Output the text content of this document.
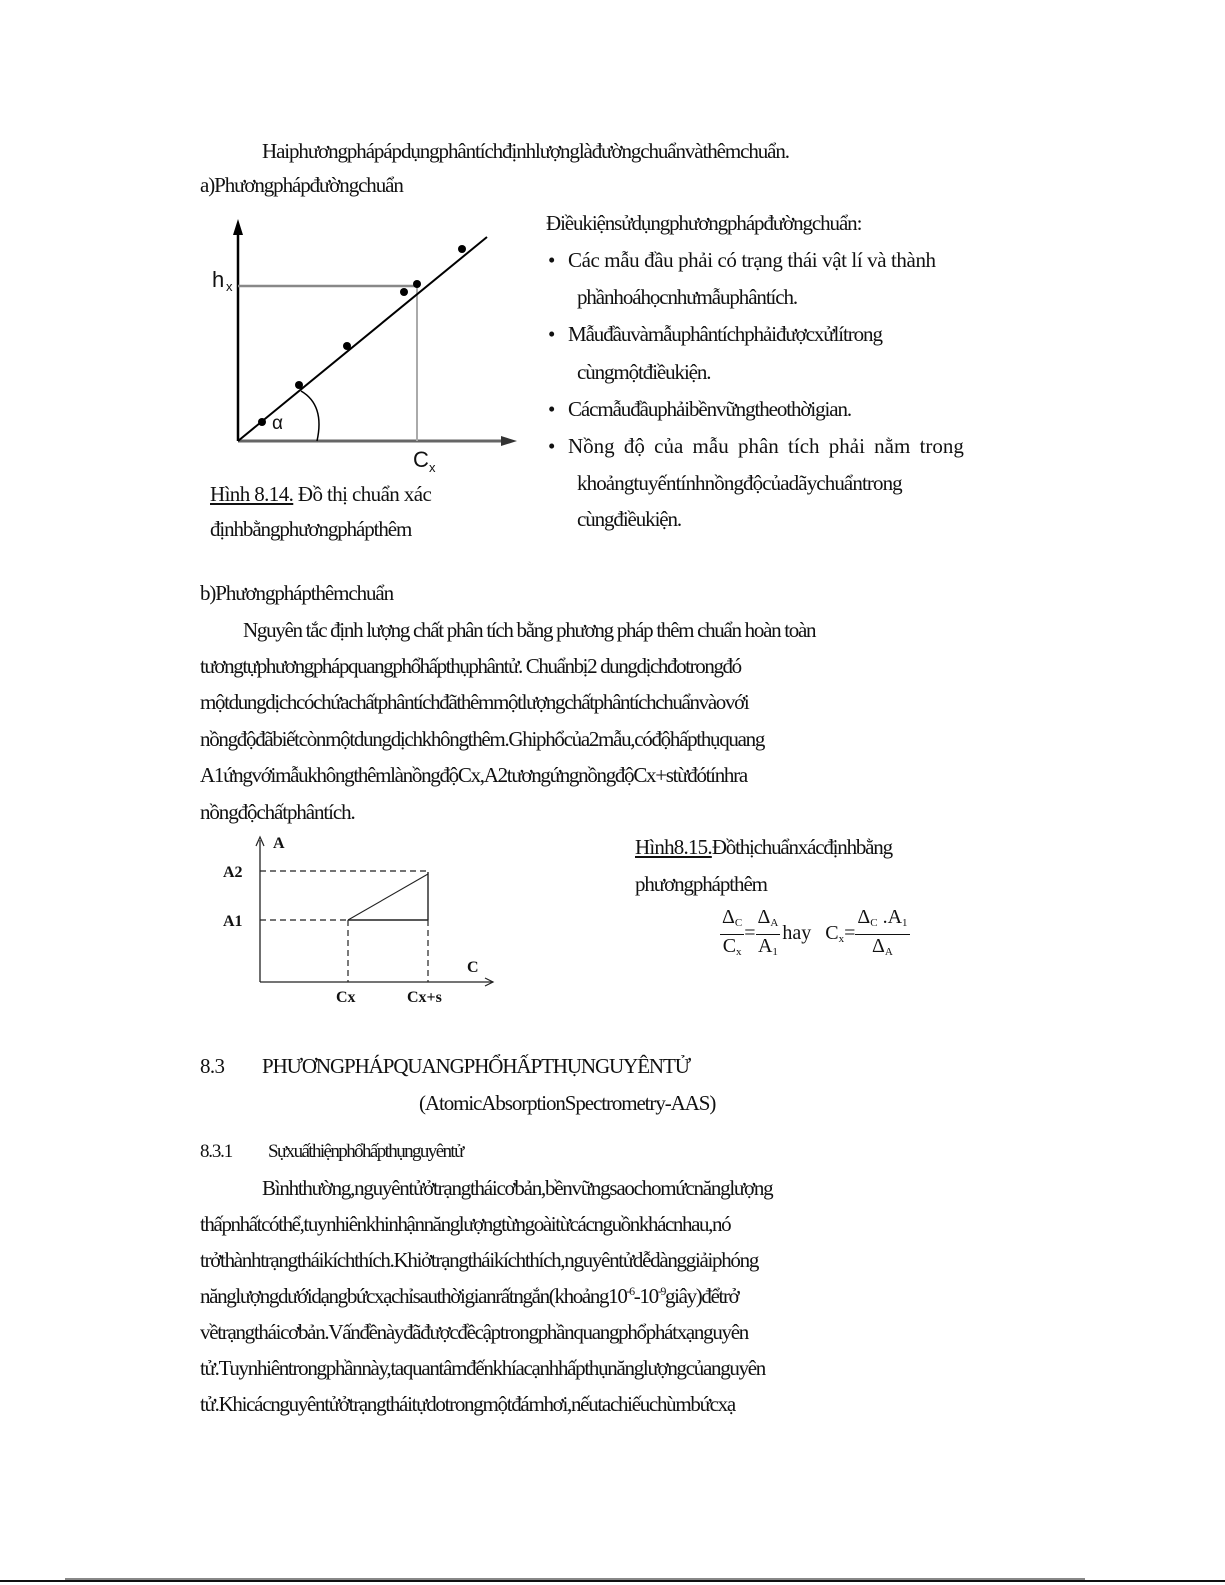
Haiphươngphápápdụngphântíchđịnhlượnglàđườngchuẩnvàthêmchuẩn.
a)Phươngphápđườngchuẩn
α
h x
C x
Hình 8.14. Đồ thị chuẩn xác
địnhbằngphươngphápthêm
Điềukiệnsửdụngphươngphápđườngchuẩn:
• Các mẫu đầu phải có trạng thái vật lí và thành
phầnhoáhọcnhưmẫuphântích.
• Mẫuđầuvàmẫuphântíchphảiđượcxửlítrong
cùngmộtđiềukiện.
• Cácmẫuđầuphảibềnvữngtheothờigian.
• Nồng độ của mẫu phân tích phải nằm trong
khoảngtuyếntínhnồngđộcủadãychuẩntrong
cùngđiềukiện.
b)Phươngphápthêmchuẩn
Nguyên tắc định lượng chất phân tích bằng phương pháp thêm chuẩn hoàn toàn
tươngtựphươngphápquangphổhấpthụphântử. Chuẩnbị2 dungdịchđotrongđó
mộtdungdịchcóchứachấtphântíchđãthêmmộtlượngchấtphântíchchuẩnvàovới
nồngđộđãbiếtcònmộtdungdịchkhôngthêm.Ghiphổcủa2mẫu,cóđộhấpthụquang
A1ứngvớimẫukhôngthêmlànồngđộCx,A2tươngứngnồngđộCx+stừđótínhra
nồngđộchấtphântích.
A
C
A2
A1
Cx	Cx+s
Hình8.15.Đồthịchuẩnxácđịnhbằng
phươngphápthêm
$\frac{\Delta_C}{C_x} = \frac{\Delta_A}{A_1}$ hay $C_x= \frac{\Delta_C .A_1}{\Delta_A}$
8.3 PHƯƠNGPHÁPQUANGPHỔHẤPTHỤNGUYÊNTỬ
(AtomicAbsorptionSpectrometry-AAS)
8.3.1 Sựxuấthiệnphổhấpthụnguyêntử
Bìnhthường,nguyêntửởtrạngtháicơbản,bềnvữngsaochomứcnănglượng
thấpnhấtcóthể,tuynhiênkhinhậnnănglượngtừngoàitừcácnguồnkhácnhau,nó
trởthànhtrạngtháikíchthích.Khiởtrạngtháikíchthích,nguyêntửdễdànggiảiphóng
$nănglượngdướidạngbứcxạchỉsauthờigianrấtngắn(khoảng10^{-6}-10^{-9}giây)đểtrở$
vềtrạngtháicơbản.Vấnđềnàyđãđượcđềcậptrongphầnquangphổphátxạnguyên
tử.Tuynhiêntrongphầnnày,taquantâmđếnkhíacạnhhấpthụnănglượngcủanguyên
tử.Khicácnguyêntửởtrạngtháitựdotrongmộtđámhơi,nếutachiếuchùmbứcxạ
